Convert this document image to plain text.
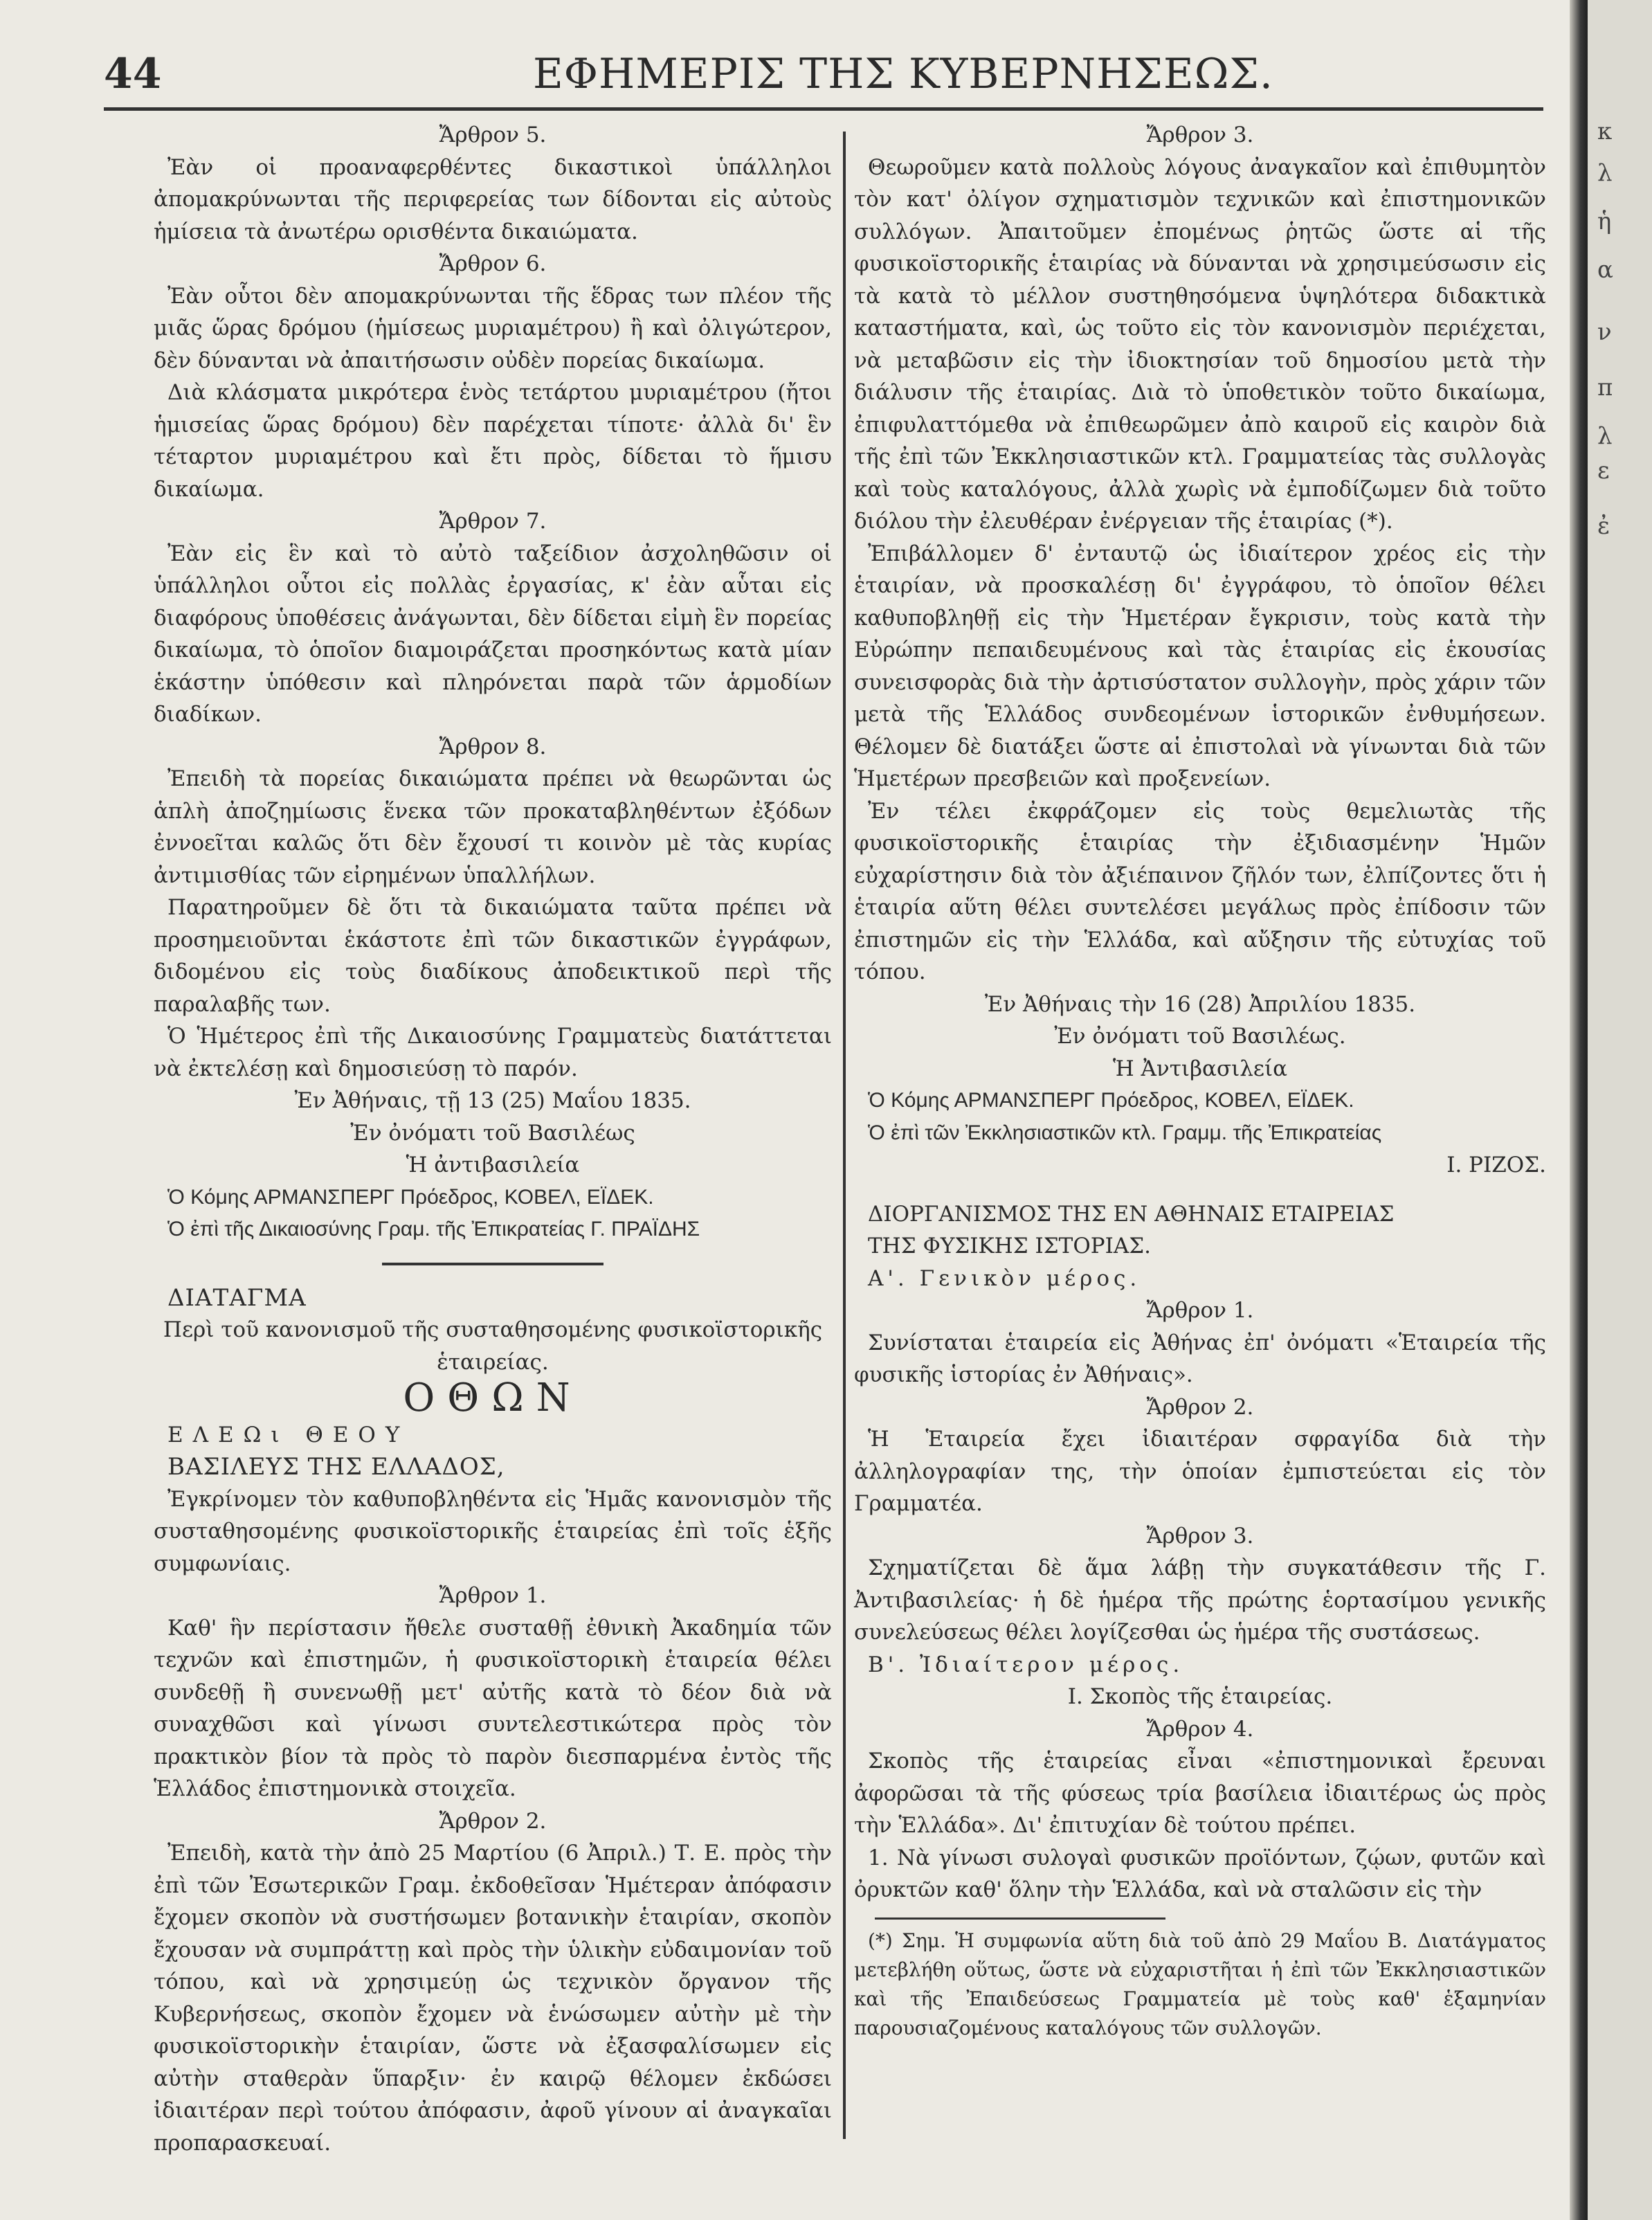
44	ΕΦΗΜΕΡΙΣ ΤΗΣ ΚΥΒΕΡΝΗΣΕΩΣ.

Ἄρθρον 5.

Ἐὰν οἱ προαναφερθέντες δικαστικοὶ ὑπάλληλοι ἀπομακρύνωνται τῆς περιφερείας των δίδονται εἰς αὐτοὺς ἡμίσεια τὰ ἀνωτέρω ορισθέντα δικαιώματα.

Ἄρθρον 6.

Ἐὰν οὗτοι δὲν απομακρύνωνται τῆς ἕδρας των πλέον τῆς μιᾶς ὥρας δρόμου (ἡμίσεως μυριαμέτρου) ἢ καὶ ὀλιγώτερον, δὲν δύνανται νὰ ἀπαιτήσωσιν οὐδὲν πορείας δικαίωμα.

Διὰ κλάσματα μικρότερα ἑνὸς τετάρτου μυριαμέτρου (ἤτοι ἡμισείας ὥρας δρόμου) δὲν παρέχεται τίποτε· ἀλλὰ δι' ἓν τέταρτον μυριαμέτρου καὶ ἔτι πρὸς, δίδεται τὸ ἥμισυ δικαίωμα.

Ἄρθρον 7.

Ἐὰν εἰς ἓν καὶ τὸ αὐτὸ ταξείδιον ἀσχοληθῶσιν οἱ ὑπάλληλοι οὗτοι εἰς πολλὰς ἐργασίας, κ' ἐὰν αὗται εἰς διαφόρους ὑποθέσεις ἀνάγωνται, δὲν δίδεται εἰμὴ ἓν πορείας δικαίωμα, τὸ ὁποῖον διαμοιράζεται προσηκόντως κατὰ μίαν ἑκάστην ὑπόθεσιν καὶ πληρόνεται παρὰ τῶν ἁρμοδίων διαδίκων.

Ἄρθρον 8.

Ἐπειδὴ τὰ πορείας δικαιώματα πρέπει νὰ θεωρῶνται ὡς ἁπλὴ ἀποζημίωσις ἕνεκα τῶν προκαταβληθέντων ἐξόδων ἐννοεῖται καλῶς ὅτι δὲν ἔχουσί τι κοινὸν μὲ τὰς κυρίας ἀντιμισθίας τῶν εἰρημένων ὑπαλλήλων.

Παρατηροῦμεν δὲ ὅτι τὰ δικαιώματα ταῦτα πρέπει νὰ προσημειοῦνται ἑκάστοτε ἐπὶ τῶν δικαστικῶν ἐγγράφων, διδομένου εἰς τοὺς διαδίκους ἀποδεικτικοῦ περὶ τῆς παραλαβῆς των.

Ὁ Ἡμέτερος ἐπὶ τῆς Δικαιοσύνης Γραμματεὺς διατάττεται νὰ ἐκτελέσῃ καὶ δημοσιεύσῃ τὸ παρόν.

Ἐν Ἀθήναις, τῇ 13 (25) Μαΐου 1835.

Ἐν ὀνόματι τοῦ Βασιλέως

Ἡ ἀντιβασιλεία

Ὁ Κόμης ΑΡΜΑΝΣΠΕΡΓ Πρόεδρος, ΚΟΒΕΛ, ΕΪΔΕΚ.

Ὁ ἐπὶ τῆς Δικαιοσύνης Γραμ. τῆς Ἐπικρατείας Γ. ΠΡΑΪΔΗΣ

ΔΙΑΤΑΓΜΑ

Περὶ τοῦ κανονισμοῦ τῆς συσταθησομένης φυσικοϊστορικῆς ἑταιρείας.

ΟΘΩΝ

ΕΛΕΩι ΘΕΟΥ

ΒΑΣΙΛΕΥΣ ΤΗΣ ΕΛΛΑΔΟΣ,

Ἐγκρίνομεν τὸν καθυποβληθέντα εἰς Ἡμᾶς κανονισμὸν τῆς συσταθησομένης φυσικοϊστορικῆς ἑταιρείας ἐπὶ τοῖς ἑξῆς συμφωνίαις.

Ἄρθρον 1.

Καθ' ἣν περίστασιν ἤθελε συσταθῇ ἐθνικὴ Ἀκαδημία τῶν τεχνῶν καὶ ἐπιστημῶν, ἡ φυσικοϊστορικὴ ἑταιρεία θέλει συνδεθῇ ἢ συνενωθῇ μετ' αὐτῆς κατὰ τὸ δέον διὰ νὰ συναχθῶσι καὶ γίνωσι συντελεστικώτερα πρὸς τὸν πρακτικὸν βίον τὰ πρὸς τὸ παρὸν διεσπαρμένα ἐντὸς τῆς Ἑλλάδος ἐπιστημονικὰ στοιχεῖα.

Ἄρθρον 2.

Ἐπειδὴ, κατὰ τὴν ἀπὸ 25 Μαρτίου (6 Ἀπριλ.) Τ. Ε. πρὸς τὴν ἐπὶ τῶν Ἐσωτερικῶν Γραμ. ἐκδοθεῖσαν Ἡμέτεραν ἀπόφασιν ἔχομεν σκοπὸν νὰ συστήσωμεν βοτανικὴν ἑταιρίαν, σκοπὸν ἔχουσαν νὰ συμπράττῃ καὶ πρὸς τὴν ὑλικὴν εὐδαιμονίαν τοῦ τόπου, καὶ νὰ χρησιμεύῃ ὡς τεχνικὸν ὄργανον τῆς Κυβερνήσεως, σκοπὸν ἔχομεν νὰ ἑνώσωμεν αὐτὴν μὲ τὴν φυσικοϊστορικὴν ἑταιρίαν, ὥστε νὰ ἐξασφαλίσωμεν εἰς αὐτὴν σταθερὰν ὕπαρξιν· ἐν καιρῷ θέλομεν ἐκδώσει ἰδιαιτέραν περὶ τούτου ἀπόφασιν, ἀφοῦ γίνουν αἱ ἀναγκαῖαι προπαρασκευαί.

Ἄρθρον 3.

Θεωροῦμεν κατὰ πολλοὺς λόγους ἀναγκαῖον καὶ ἐπιθυμητὸν τὸν κατ' ὀλίγον σχηματισμὸν τεχνικῶν καὶ ἐπιστημονικῶν συλλόγων. Ἀπαιτοῦμεν ἐπομένως ῥητῶς ὥστε αἱ τῆς φυσικοϊστορικῆς ἑταιρίας νὰ δύνανται νὰ χρησιμεύσωσιν εἰς τὰ κατὰ τὸ μέλλον συστηθησόμενα ὑψηλότερα διδακτικὰ καταστήματα, καὶ, ὡς τοῦτο εἰς τὸν κανονισμὸν περιέχεται, νὰ μεταβῶσιν εἰς τὴν ἰδιοκτησίαν τοῦ δημοσίου μετὰ τὴν διάλυσιν τῆς ἑταιρίας. Διὰ τὸ ὑποθετικὸν τοῦτο δικαίωμα, ἐπιφυλαττόμεθα νὰ ἐπιθεωρῶμεν ἀπὸ καιροῦ εἰς καιρὸν διὰ τῆς ἐπὶ τῶν Ἐκκλησιαστικῶν κτλ. Γραμματείας τὰς συλλογὰς καὶ τοὺς καταλόγους, ἀλλὰ χωρὶς νὰ ἐμποδίζωμεν διὰ τοῦτο διόλου τὴν ἐλευθέραν ἐνέργειαν τῆς ἑταιρίας (*).

Ἐπιβάλλομεν δ' ἐνταυτῷ ὡς ἰδιαίτερον χρέος εἰς τὴν ἑταιρίαν, νὰ προσκαλέσῃ δι' ἐγγράφου, τὸ ὁποῖον θέλει καθυποβληθῇ εἰς τὴν Ἡμετέραν ἔγκρισιν, τοὺς κατὰ τὴν Εὐρώπην πεπαιδευμένους καὶ τὰς ἑταιρίας εἰς ἑκουσίας συνεισφορὰς διὰ τὴν ἀρτισύστατον συλλογὴν, πρὸς χάριν τῶν μετὰ τῆς Ἑλλάδος συνδεομένων ἱστορικῶν ἐνθυμήσεων. Θέλομεν δὲ διατάξει ὥστε αἱ ἐπιστολαὶ νὰ γίνωνται διὰ τῶν Ἡμετέρων πρεσβειῶν καὶ προξενείων.

Ἐν τέλει ἐκφράζομεν εἰς τοὺς θεμελιωτὰς τῆς φυσικοϊστορικῆς ἑταιρίας τὴν ἐξιδιασμένην Ἡμῶν εὐχαρίστησιν διὰ τὸν ἀξιέπαινον ζῆλόν των, ἐλπίζοντες ὅτι ἡ ἑταιρία αὕτη θέλει συντελέσει μεγάλως πρὸς ἐπίδοσιν τῶν ἐπιστημῶν εἰς τὴν Ἑλλάδα, καὶ αὔξησιν τῆς εὐτυχίας τοῦ τόπου.

Ἐν Ἀθήναις τὴν 16 (28) Ἀπριλίου 1835.

Ἐν ὀνόματι τοῦ Βασιλέως.

Ἡ Ἀντιβασιλεία

Ὁ Κόμης ΑΡΜΑΝΣΠΕΡΓ Πρόεδρος, ΚΟΒΕΛ, ΕΪΔΕΚ.

Ὁ ἐπὶ τῶν Ἐκκλησιαστικῶν κτλ. Γραμμ. τῆς Ἐπικρατείας

Ι. ΡΙΖΟΣ.

ΔΙΟΡΓΑΝΙΣΜΟΣ ΤΗΣ ΕΝ ΑΘΗΝΑΙΣ ΕΤΑΙΡΕΙΑΣ

ΤΗΣ ΦΥΣΙΚΗΣ ΙΣΤΟΡΙΑΣ.

Α'. Γενικὸν μέρος.

Ἄρθρον 1.

Συνίσταται ἑταιρεία εἰς Ἀθήνας ἐπ' ὀνόματι «Ἑταιρεία τῆς φυσικῆς ἱστορίας ἐν Ἀθήναις».

Ἄρθρον 2.

Ἡ Ἑταιρεία ἔχει ἰδιαιτέραν σφραγίδα διὰ τὴν ἀλληλογραφίαν της, τὴν ὁποίαν ἐμπιστεύεται εἰς τὸν Γραμματέα.

Ἄρθρον 3.

Σχηματίζεται δὲ ἅμα λάβῃ τὴν συγκατάθεσιν τῆς Γ. Ἀντιβασιλείας· ἡ δὲ ἡμέρα τῆς πρώτης ἑορτασίμου γενικῆς συνελεύσεως θέλει λογίζεσθαι ὡς ἡμέρα τῆς συστάσεως.

Β'. Ἰδιαίτερον μέρος.

Ι. Σκοπὸς τῆς ἑταιρείας.

Ἄρθρον 4.

Σκοπὸς τῆς ἑταιρείας εἶναι «ἐπιστημονικαὶ ἔρευναι ἀφορῶσαι τὰ τῆς φύσεως τρία βασίλεια ἰδιαιτέρως ὡς πρὸς τὴν Ἑλλάδα». Δι' ἐπιτυχίαν δὲ τούτου πρέπει.

1. Νὰ γίνωσι συλογαὶ φυσικῶν προϊόντων, ζῴων, φυτῶν καὶ ὀρυκτῶν καθ' ὅλην τὴν Ἑλλάδα, καὶ νὰ σταλῶσιν εἰς τὴν

(*) Σημ. Ἡ συμφωνία αὕτη διὰ τοῦ ἀπὸ 29 Μαΐου Β. Διατάγματος μετεβλήθη οὕτως, ὥστε νὰ εὐχαριστῆται ἡ ἐπὶ τῶν Ἐκκλησιαστικῶν καὶ τῆς Ἐπαιδεύσεως Γραμματεία μὲ τοὺς καθ' ἑξαμηνίαν παρουσιαζομένους καταλόγους τῶν συλλογῶν.

κ
λ
ἡ
α
ν
π
λ
ε
ἐ
